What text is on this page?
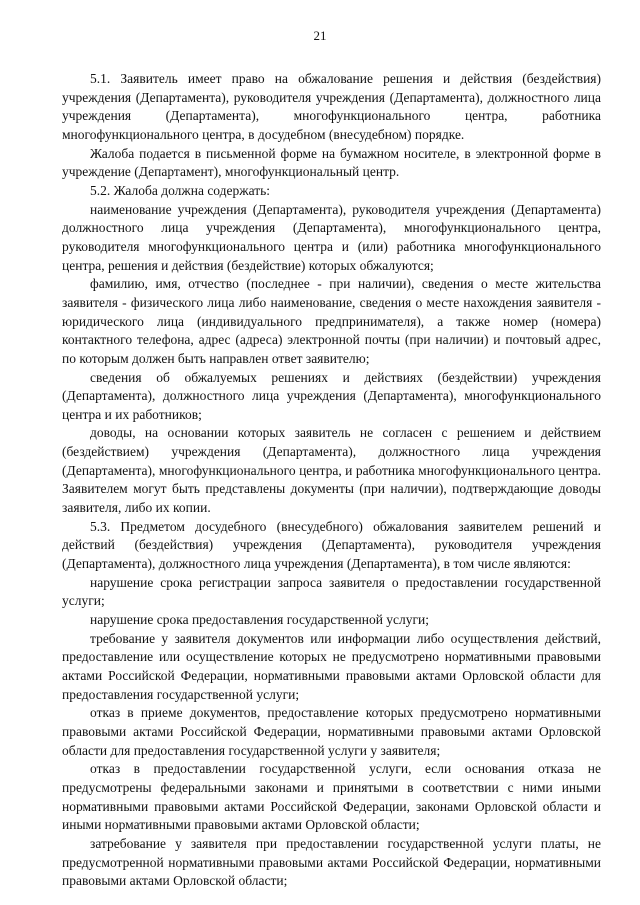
21

5.1. Заявитель имеет право на обжалование решения и действия (бездействия) учреждения (Департамента), руководителя учреждения (Департамента), должностного лица учреждения (Департамента), многофункционального центра, работника многофункционального центра, в досудебном (внесудебном) порядке.

Жалоба подается в письменной форме на бумажном носителе, в электронной форме в учреждение (Департамент), многофункциональный центр.

5.2. Жалоба должна содержать:

наименование учреждения (Департамента), руководителя учреждения (Департамента) должностного лица учреждения (Департамента), многофункционального центра, руководителя многофункционального центра и (или) работника многофункционального центра, решения и действия (бездействие) которых обжалуются;

фамилию, имя, отчество (последнее - при наличии), сведения о месте жительства заявителя - физического лица либо наименование, сведения о месте нахождения заявителя - юридического лица (индивидуального предпринимателя), а также номер (номера) контактного телефона, адрес (адреса) электронной почты (при наличии) и почтовый адрес, по которым должен быть направлен ответ заявителю;

сведения об обжалуемых решениях и действиях (бездействии) учреждения (Департамента), должностного лица учреждения (Департамента), многофункционального центра и их работников;

доводы, на основании которых заявитель не согласен с решением и действием (бездействием) учреждения (Департамента), должностного лица учреждения (Департамента), многофункционального центра, и работника многофункционального центра. Заявителем могут быть представлены документы (при наличии), подтверждающие доводы заявителя, либо их копии.

5.3. Предметом досудебного (внесудебного) обжалования заявителем решений и действий (бездействия) учреждения (Департамента), руководителя учреждения (Департамента), должностного лица учреждения (Департамента), в том числе являются:

нарушение срока регистрации запроса заявителя о предоставлении государственной услуги;

нарушение срока предоставления государственной услуги;

требование у заявителя документов или информации либо осуществления действий, предоставление или осуществление которых не предусмотрено нормативными правовыми актами Российской Федерации, нормативными правовыми актами Орловской области для предоставления государственной услуги;

отказ в приеме документов, предоставление которых предусмотрено нормативными правовыми актами Российской Федерации, нормативными правовыми актами Орловской области для предоставления государственной услуги у заявителя;

отказ в предоставлении государственной услуги, если основания отказа не предусмотрены федеральными законами и принятыми в соответствии с ними иными нормативными правовыми актами Российской Федерации, законами Орловской области и иными нормативными правовыми актами Орловской области;

затребование у заявителя при предоставлении государственной услуги платы, не предусмотренной нормативными правовыми актами Российской Федерации, нормативными правовыми актами Орловской области;
